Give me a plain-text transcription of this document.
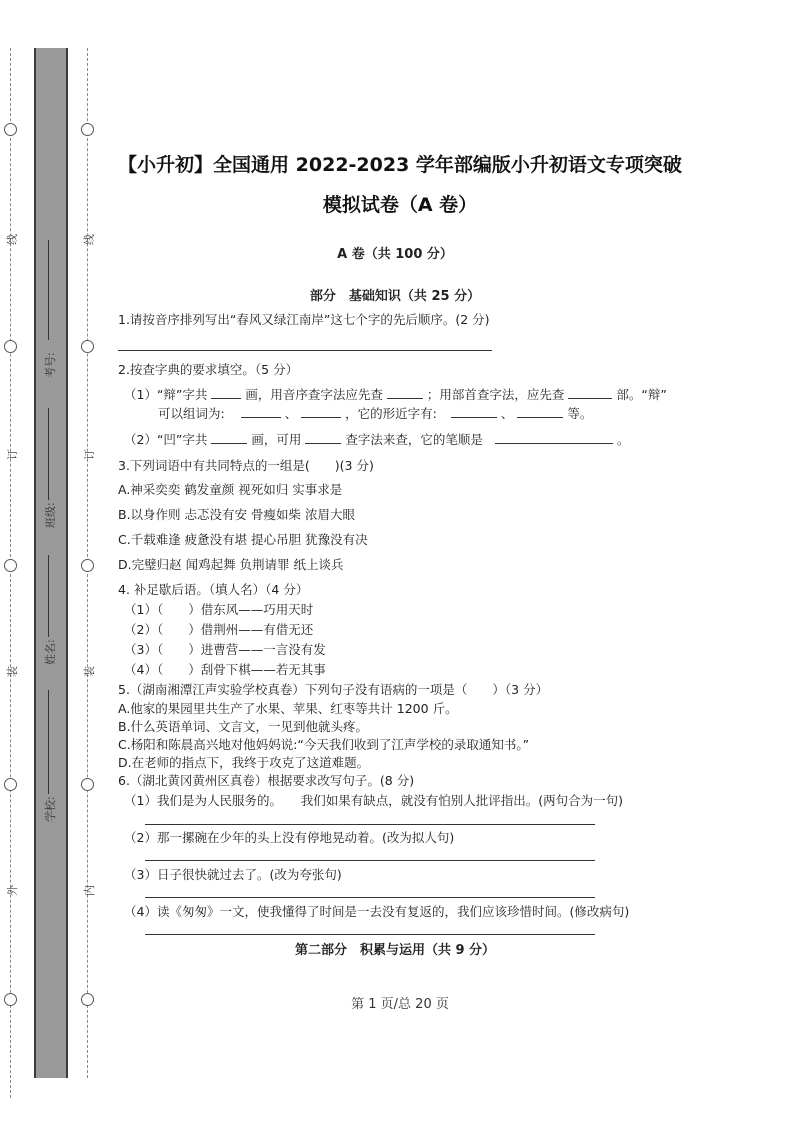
线
订
装
外
线
订
装
内
考号:
班级:
姓名:
学校:
【小升初】全国通用 2022-2023 学年部编版小升初语文专项突破
模拟试卷（A 卷）
A 卷（共 100 分）
部分　基础知识（共 25 分）
1.请按音序排列写出“春风又绿江南岸”这七个字的先后顺序。(2 分)
2.按查字典的要求填空。（5 分）
（1）“辩”字共	画，用音序查字法应先查	；用部首查字法，应先查	部。“辩”
可以组词为:	、	，它的形近字有:	、	等。
（2）“凹”字共	画，可用	查字法来查，它的笔顺是	。
3.下列词语中有共同特点的一组是(　　)(3 分)
A.神采奕奕 鹤发童颜 视死如归 实事求是
B.以身作则 忐忑没有安 骨瘦如柴 浓眉大眼
C.千载难逢 疲惫没有堪 提心吊胆 犹豫没有决
D.完璧归赵 闻鸡起舞 负荆请罪 纸上谈兵
4. 补足歇后语。（填人名）（4 分）
（1）（　　）借东风——巧用天时
（2）（　　）借荆州——有借无还
（3）（　　）进曹营——一言没有发
（4）（　　）刮骨下棋——若无其事
5.（湖南湘潭江声实验学校真卷）下列句子没有语病的一项是（　　）（3 分）
A.他家的果园里共生产了水果、苹果、红枣等共计 1200 斤。
B.什么英语单词、文言文，一见到他就头疼。
C.杨阳和陈晨高兴地对他妈妈说:“今天我们收到了江声学校的录取通知书。”
D.在老师的指点下，我终于攻克了这道难题。
6.（湖北黄冈黄州区真卷）根据要求改写句子。(8 分)
（1）我们是为人民服务的。　　我们如果有缺点，就没有怕别人批评指出。(两句合为一句)
（2）那一摞碗在少年的头上没有停地晃动着。(改为拟人句)
（3）日子很快就过去了。(改为夸张句)
（4）读《匆匆》一文，使我懂得了时间是一去没有复返的，我们应该珍惜时间。(修改病句)
第二部分　积累与运用（共 9 分）
第 1 页/总 20 页
